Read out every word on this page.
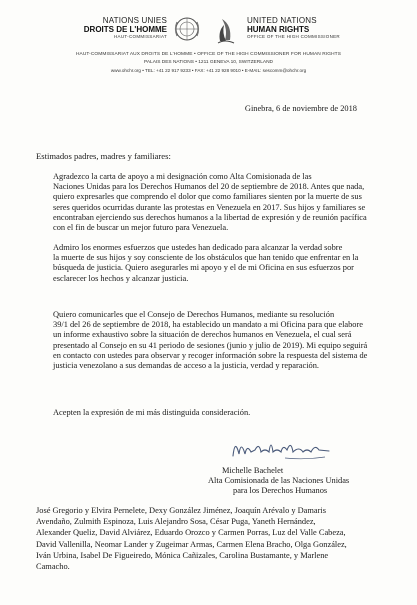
NATIONS UNIES
DROITS DE L'HOMME
HAUT-COMMISSARIAT
UNITED NATIONS
HUMAN RIGHTS
OFFICE OF THE HIGH COMMISSIONER
HAUT-COMMISSARIAT AUX DROITS DE L'HOMME • OFFICE OF THE HIGH COMMISSIONER FOR HUMAN RIGHTS
PALAIS DES NATIONS • 1211 GENEVA 10, SWITZERLAND
www.ohchr.org • TEL: +41 22 917 9233 • FAX: +41 22 928 9010 • E-MAIL: sescomm@ohchr.org
Ginebra, 6 de noviembre de 2018
Estimados padres, madres y familiares:
Agradezco la carta de apoyo a mi designación como Alta Comisionada de las
Naciones Unidas para los Derechos Humanos del 20 de septiembre de 2018. Antes que nada,
quiero expresarles que comprendo el dolor que como familiares sienten por la muerte de sus
seres queridos ocurridas durante las protestas en Venezuela en 2017. Sus hijos y familiares se
encontraban ejerciendo sus derechos humanos a la libertad de expresión y de reunión pacífica
con el fin de buscar un mejor futuro para Venezuela.
Admiro los enormes esfuerzos que ustedes han dedicado para alcanzar la verdad sobre
la muerte de sus hijos y soy consciente de los obstáculos que han tenido que enfrentar en la
búsqueda de justicia. Quiero asegurarles mi apoyo y el de mi Oficina en sus esfuerzos por
esclarecer los hechos y alcanzar justicia.
Quiero comunicarles que el Consejo de Derechos Humanos, mediante su resolución
39/1 del 26 de septiembre de 2018, ha establecido un mandato a mi Oficina para que elabore
un informe exhaustivo sobre la situación de derechos humanos en Venezuela, el cual será
presentado al Consejo en su 41 periodo de sesiones (junio y julio de 2019). Mi equipo seguirá
en contacto con ustedes para observar y recoger información sobre la respuesta del sistema de
justicia venezolano a sus demandas de acceso a la justicia, verdad y reparación.
Acepten la expresión de mi más distinguida consideración.
Michelle Bachelet
Alta Comisionada de las Naciones Unidas
para los Derechos Humanos
José Gregorio y Elvira Pernelete, Dexy González Jiménez, Joaquín Arévalo y Damaris
Avendaño, Zulmith Espinoza, Luis Alejandro Sosa, César Puga, Yaneth Hernández,
Alexander Queliz, David Alviárez, Eduardo Orozco y Carmen Porras, Luz del Valle Cabeza,
David Vallenilla, Neomar Lander y Zugeimar Armas, Carmen Elena Bracho, Olga González,
Iván Urbina, Isabel De Figueiredo, Mónica Cañizales, Carolina Bustamante, y Marlene
Camacho.
